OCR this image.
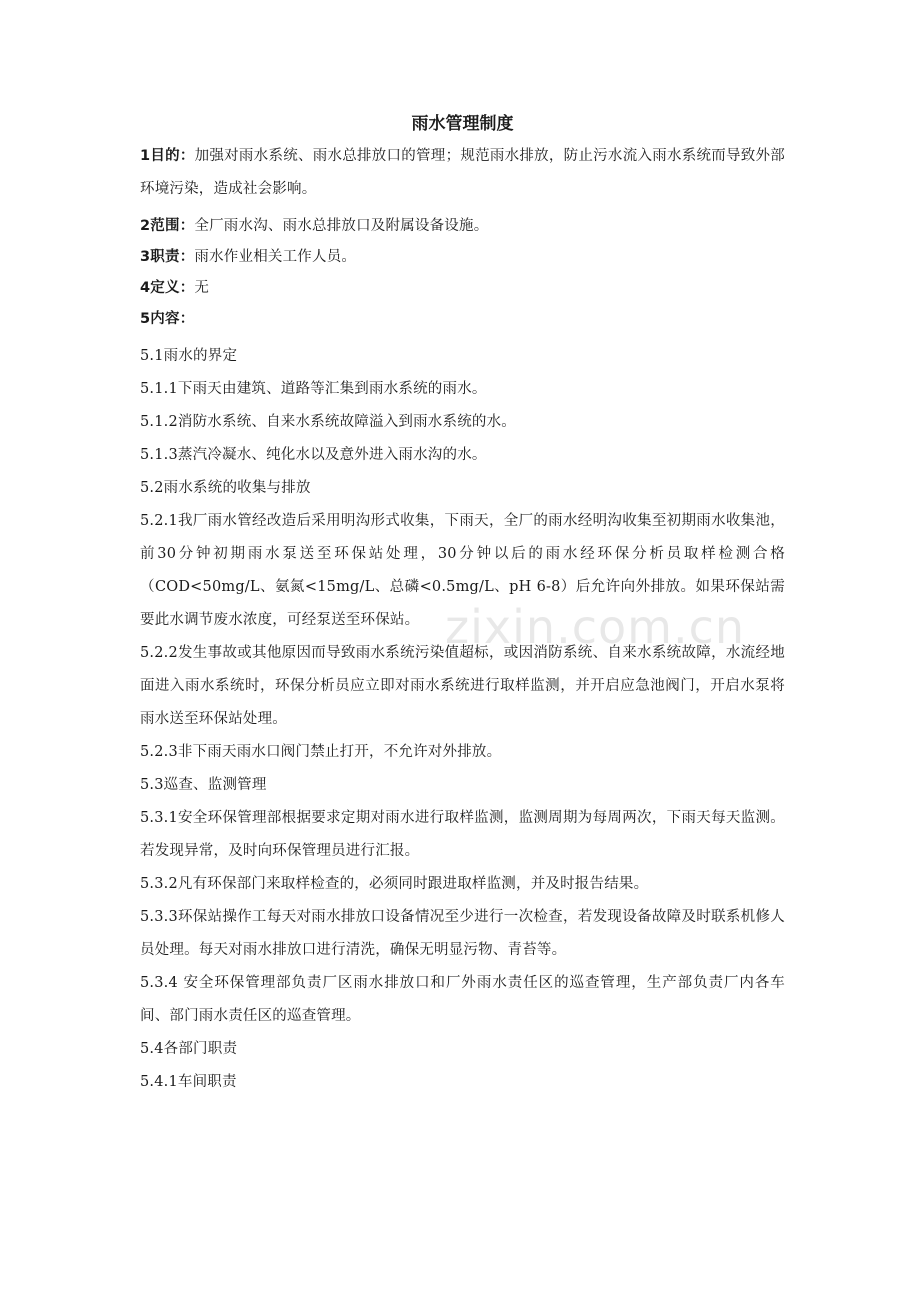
雨水管理制度

1目的：加强对雨水系统、雨水总排放口的管理；规范雨水排放，防止污水流入雨水系统而导致外部环境污染，造成社会影响。

2范围：全厂雨水沟、雨水总排放口及附属设备设施。

3职责：雨水作业相关工作人员。

4定义：无

5内容：

5.1雨水的界定

5.1.1下雨天由建筑、道路等汇集到雨水系统的雨水。

5.1.2消防水系统、自来水系统故障溢入到雨水系统的水。

5.1.3蒸汽冷凝水、纯化水以及意外进入雨水沟的水。

5.2雨水系统的收集与排放

5.2.1我厂雨水管经改造后采用明沟形式收集，下雨天，全厂的雨水经明沟收集至初期雨水收集池，前30分钟初期雨水泵送至环保站处理，30分钟以后的雨水经环保分析员取样检测合格（COD<50mg/L、氨氮<15mg/L、总磷<0.5mg/L、pH 6-8）后允许向外排放。如果环保站需要此水调节废水浓度，可经泵送至环保站。

5.2.2发生事故或其他原因而导致雨水系统污染值超标，或因消防系统、自来水系统故障，水流经地面进入雨水系统时，环保分析员应立即对雨水系统进行取样监测，并开启应急池阀门，开启水泵将雨水送至环保站处理。

5.2.3非下雨天雨水口阀门禁止打开，不允许对外排放。

5.3巡查、监测管理

5.3.1安全环保管理部根据要求定期对雨水进行取样监测，监测周期为每周两次，下雨天每天监测。若发现异常，及时向环保管理员进行汇报。

5.3.2凡有环保部门来取样检查的，必须同时跟进取样监测，并及时报告结果。

5.3.3环保站操作工每天对雨水排放口设备情况至少进行一次检查，若发现设备故障及时联系机修人员处理。每天对雨水排放口进行清洗，确保无明显污物、青苔等。

5.3.4 安全环保管理部负责厂区雨水排放口和厂外雨水责任区的巡查管理，生产部负责厂内各车间、部门雨水责任区的巡查管理。

5.4各部门职责

5.4.1车间职责

zixin.com.cn
